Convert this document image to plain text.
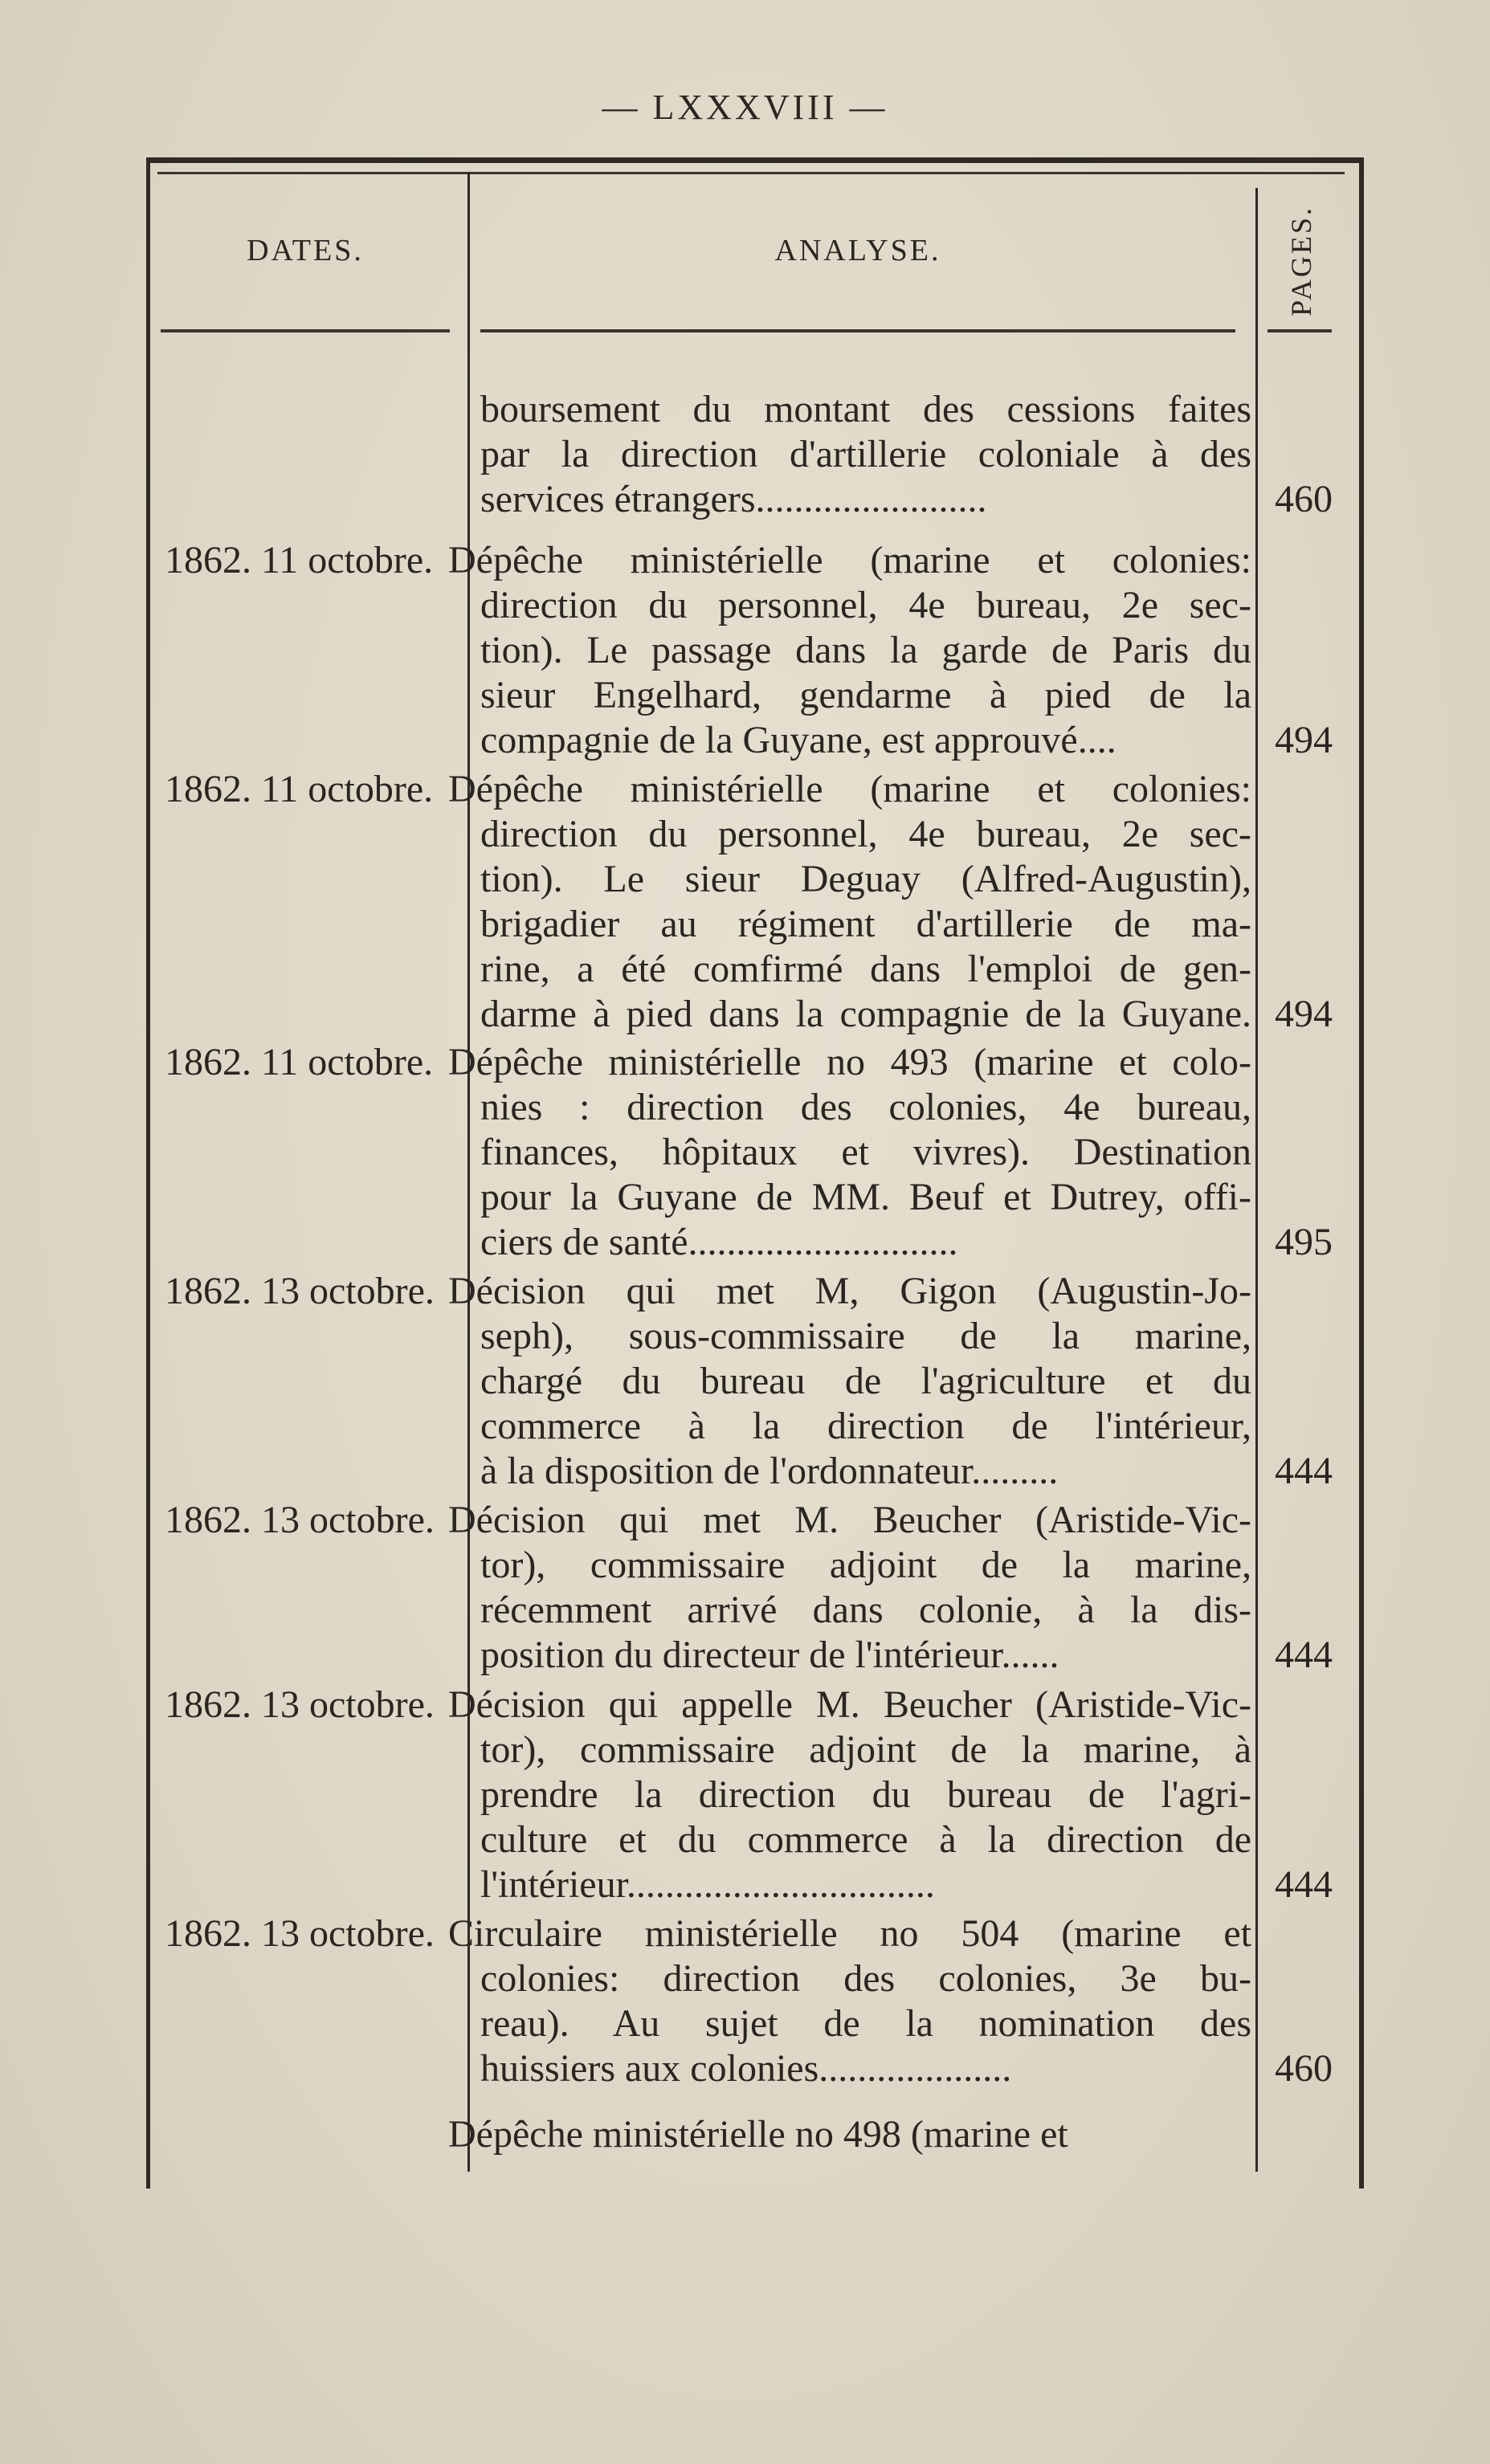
— LXXXVIII —
DATES.	ANALYSE.	PAGES.
boursement du montant des cessions faites
par la direction d'artillerie coloniale à des
services étrangers........................	460
1862. 11 octobre. Dépêche ministérielle (marine et colonies:
direction du personnel, 4e bureau, 2e sec-
tion). Le passage dans la garde de Paris du
sieur Engelhard, gendarme à pied de la
compagnie de la Guyane, est approuvé....	494
1862. 11 octobre. Dépêche ministérielle (marine et colonies:
direction du personnel, 4e bureau, 2e sec-
tion). Le sieur Deguay (Alfred-Augustin),
brigadier au régiment d'artillerie de ma-
rine, a été comfirmé dans l'emploi de gen-
darme à pied dans la compagnie de la Guyane. 494
1862. 11 octobre. Dépêche ministérielle no 493 (marine et colo-
nies : direction des colonies, 4e bureau,
finances, hôpitaux et vivres). Destination
pour la Guyane de MM. Beuf et Dutrey, offi-
ciers de santé............................	495
1862. 13 octobre. Décision qui met M, Gigon (Augustin-Jo-
seph), sous-commissaire de la marine,
chargé du bureau de l'agriculture et du
commerce à la direction de l'intérieur,
à la disposition de l'ordonnateur.........	444
1862. 13 octobre. Décision qui met M. Beucher (Aristide-Vic-
tor), commissaire adjoint de la marine,
récemment arrivé dans colonie, à la dis-
position du directeur de l'intérieur......	444
1862. 13 octobre. Décision qui appelle M. Beucher (Aristide-Vic-
tor), commissaire adjoint de la marine, à
prendre la direction du bureau de l'agri-
culture et du commerce à la direction de
l'intérieur................................	444
1862. 13 octobre. Circulaire ministérielle no 504 (marine et
colonies: direction des colonies, 3e bu-
reau). Au sujet de la nomination des
huissiers aux colonies....................	460
Dépêche ministérielle no 498 (marine et
